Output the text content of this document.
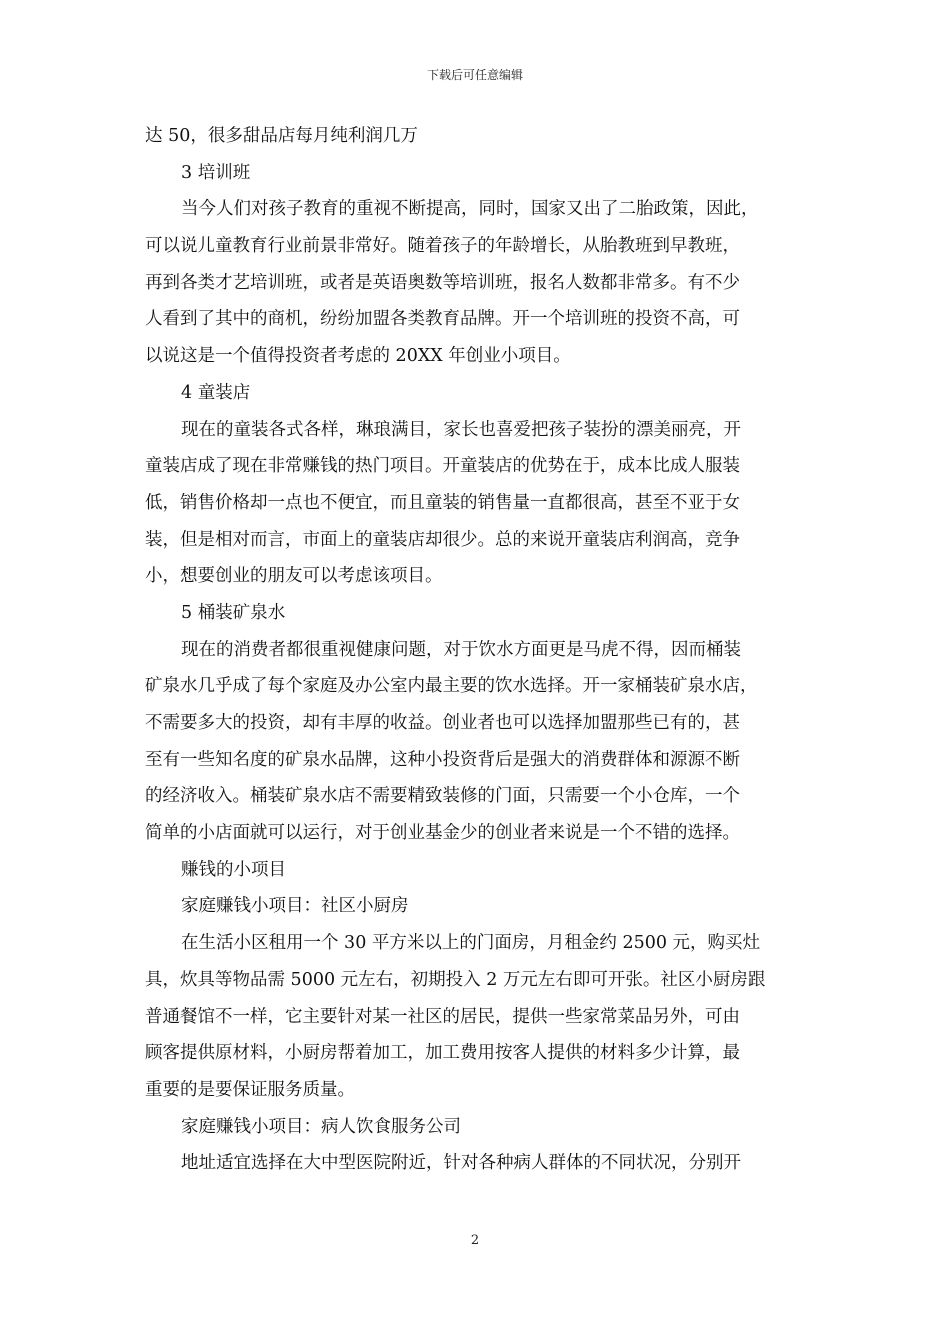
下载后可任意编辑
达 50，很多甜品店每月纯利润几万
3 培训班
当今人们对孩子教育的重视不断提高，同时，国家又出了二胎政策，因此，
可以说儿童教育行业前景非常好。随着孩子的年龄增长，从胎教班到早教班，
再到各类才艺培训班，或者是英语奥数等培训班，报名人数都非常多。有不少
人看到了其中的商机，纷纷加盟各类教育品牌。开一个培训班的投资不高，可
以说这是一个值得投资者考虑的 20XX 年创业小项目。
4 童装店
现在的童装各式各样，琳琅满目，家长也喜爱把孩子装扮的漂美丽亮，开
童装店成了现在非常赚钱的热门项目。开童装店的优势在于，成本比成人服装
低，销售价格却一点也不便宜，而且童装的销售量一直都很高，甚至不亚于女
装，但是相对而言，市面上的童装店却很少。总的来说开童装店利润高，竞争
小，想要创业的朋友可以考虑该项目。
5 桶装矿泉水
现在的消费者都很重视健康问题，对于饮水方面更是马虎不得，因而桶装
矿泉水几乎成了每个家庭及办公室内最主要的饮水选择。开一家桶装矿泉水店，
不需要多大的投资，却有丰厚的收益。创业者也可以选择加盟那些已有的，甚
至有一些知名度的矿泉水品牌，这种小投资背后是强大的消费群体和源源不断
的经济收入。桶装矿泉水店不需要精致装修的门面，只需要一个小仓库，一个
简单的小店面就可以运行，对于创业基金少的创业者来说是一个不错的选择。
赚钱的小项目
家庭赚钱小项目：社区小厨房
在生活小区租用一个 30 平方米以上的门面房，月租金约 2500 元，购买灶
具，炊具等物品需 5000 元左右，初期投入 2 万元左右即可开张。社区小厨房跟
普通餐馆不一样，它主要针对某一社区的居民，提供一些家常菜品另外，可由
顾客提供原材料，小厨房帮着加工，加工费用按客人提供的材料多少计算，最
重要的是要保证服务质量。
家庭赚钱小项目：病人饮食服务公司
地址适宜选择在大中型医院附近，针对各种病人群体的不同状况，分别开
2
